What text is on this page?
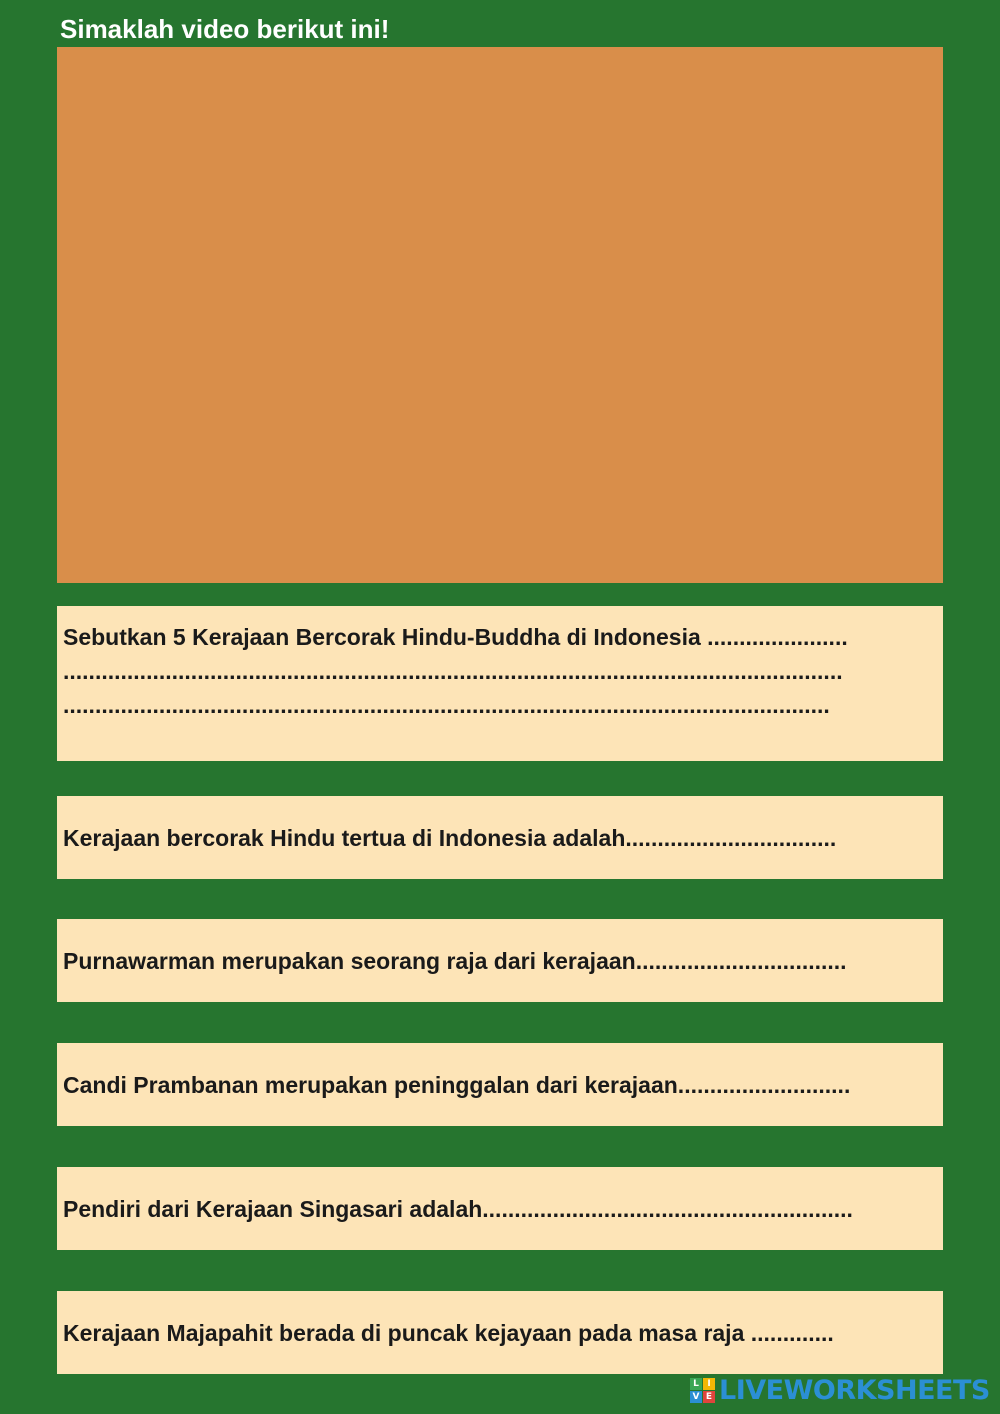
Simaklah video berikut ini!
Sebutkan 5 Kerajaan Bercorak Hindu-Buddha di Indonesia ......................
..........................................................................................................................
........................................................................................................................
Kerajaan bercorak Hindu tertua di Indonesia adalah.................................
Purnawarman merupakan seorang raja dari kerajaan.................................
Candi Prambanan merupakan peninggalan dari kerajaan...........................
Pendiri dari Kerajaan Singasari adalah..........................................................
Kerajaan Majapahit berada di puncak kejayaan pada masa raja .............
L I
V E LIVEWORKSHEETS
